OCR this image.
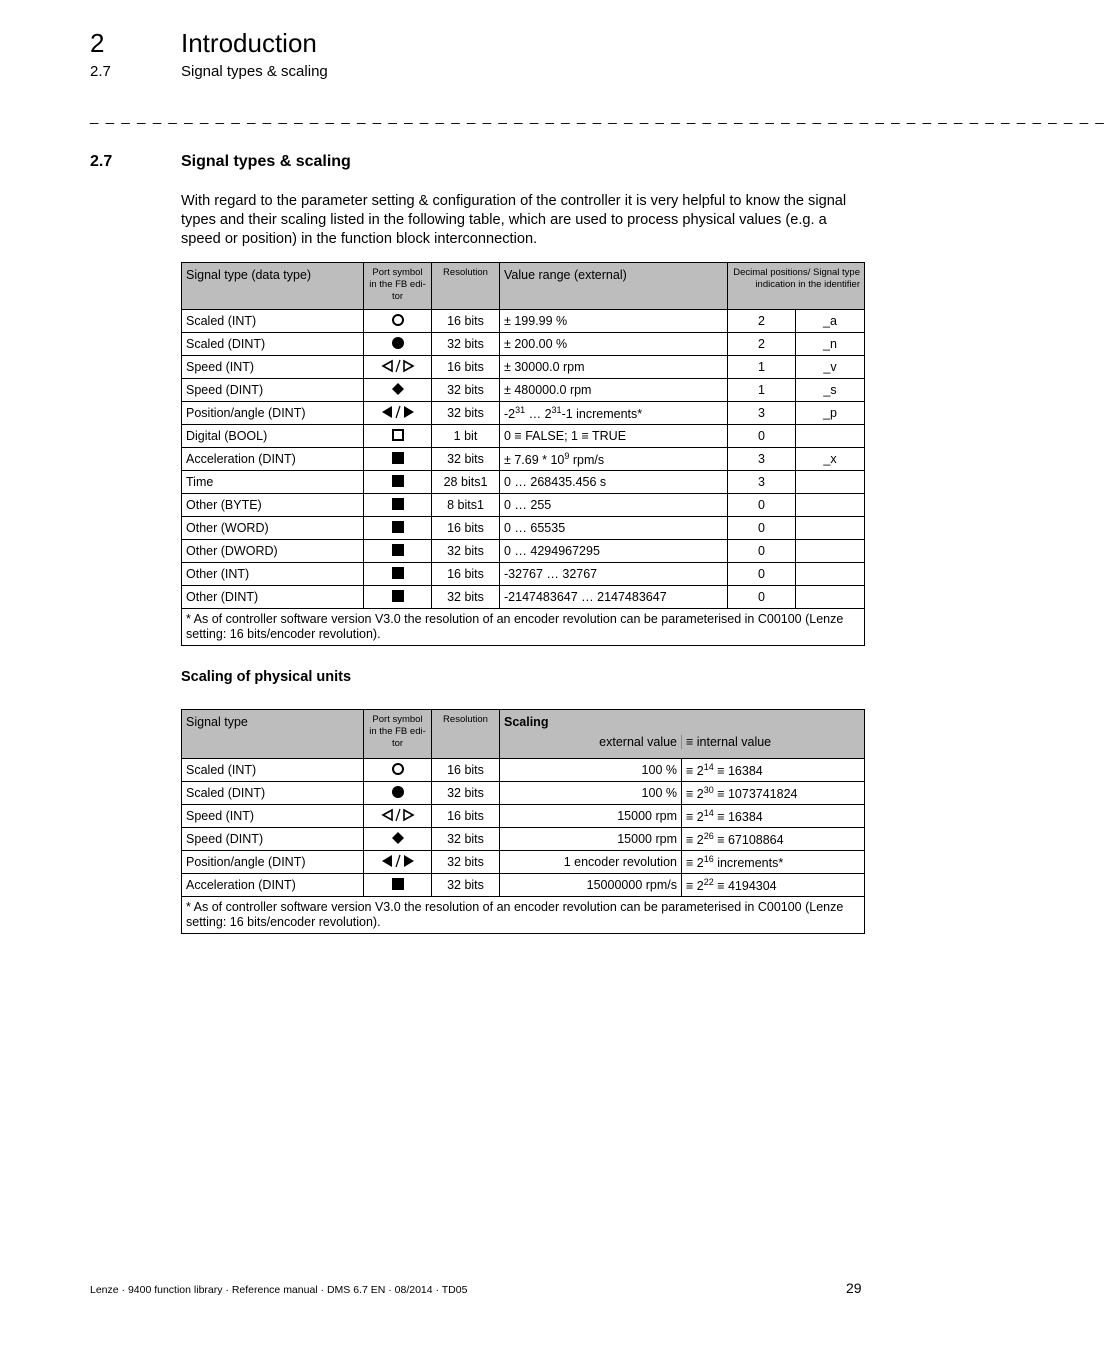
2	Introduction
2.7	Signal types & scaling
_ _ _ _ _ _ _ _ _ _ _ _ _ _ _ _ _ _ _ _ _ _ _ _ _ _ _ _ _ _ _ _ _ _ _ _ _ _ _ _ _ _ _ _ _ _ _ _ _ _ _ _ _ _ _ _ _ _ _ _ _ _ _ _ _
2.7	Signal types & scaling
With regard to the parameter setting & configuration of the controller it is very helpful to know the signal types and their scaling listed in the following table, which are used to process physical values (e.g. a speed or position) in the function block interconnection.
Signal type (data type)	Port symbol in the FB edi-tor	Resolution	Value range (external)	Decimal positions/ Signal type indication in the identifier	
Scaled (INT)		16 bits	± 199.99 %	2	_a
Scaled (DINT)		32 bits	± 200.00 %	2	_n
Speed (INT)		16 bits	± 30000.0 rpm	1	_v
Speed (DINT)		32 bits	± 480000.0 rpm	1	_s
Position/angle (DINT)		32 bits	$-2^{31}$ … $2^{31}-1$ increments*	3	_p
Digital (BOOL)		1 bit	0 ≡ FALSE; 1 ≡ TRUE	0	
Acceleration (DINT)		32 bits	± $7.69 * 10^9$ rpm/s	3	_x
Time		28 bits1	0 … 268435.456 s	3	
Other (BYTE)		8 bits1	0 … 255	0	
Other (WORD)		16 bits	0 … 65535	0	
Other (DWORD)		32 bits	0 … 4294967295	0	
Other (INT)		16 bits	-32767 … 32767	0	
Other (DINT)		32 bits	-2147483647 … 2147483647	0	
* As of controller software version V3.0 the resolution of an encoder revolution can be parameterised in C00100 (Lenze setting: 16 bits/encoder revolution).					
Scaling of physical units
Signal type	Port symbol in the FB edi-tor	Resolution	Scaling
external value ≡ internal value	

Scaled (INT)		16 bits	100 %	≡ $2^{14} \equiv 16384$
Scaled (DINT)		32 bits	100 %	≡ $2^{30} \equiv 1073741824$
Speed (INT)		16 bits	15000 rpm	≡ $2^{14} \equiv 16384$
Speed (DINT)		32 bits	15000 rpm	≡ $2^{26} \equiv 67108864$
Position/angle (DINT)		32 bits	1 encoder revolution	≡ $2^{16}$ increments*
Acceleration (DINT)		32 bits	15000000 rpm/s	≡ $2^{22} \equiv 4194304$
* As of controller software version V3.0 the resolution of an encoder revolution can be parameterised in C00100 (Lenze setting: 16 bits/encoder revolution).				
Lenze · 9400 function library · Reference manual · DMS 6.7 EN · 08/2014 · TD05	29
